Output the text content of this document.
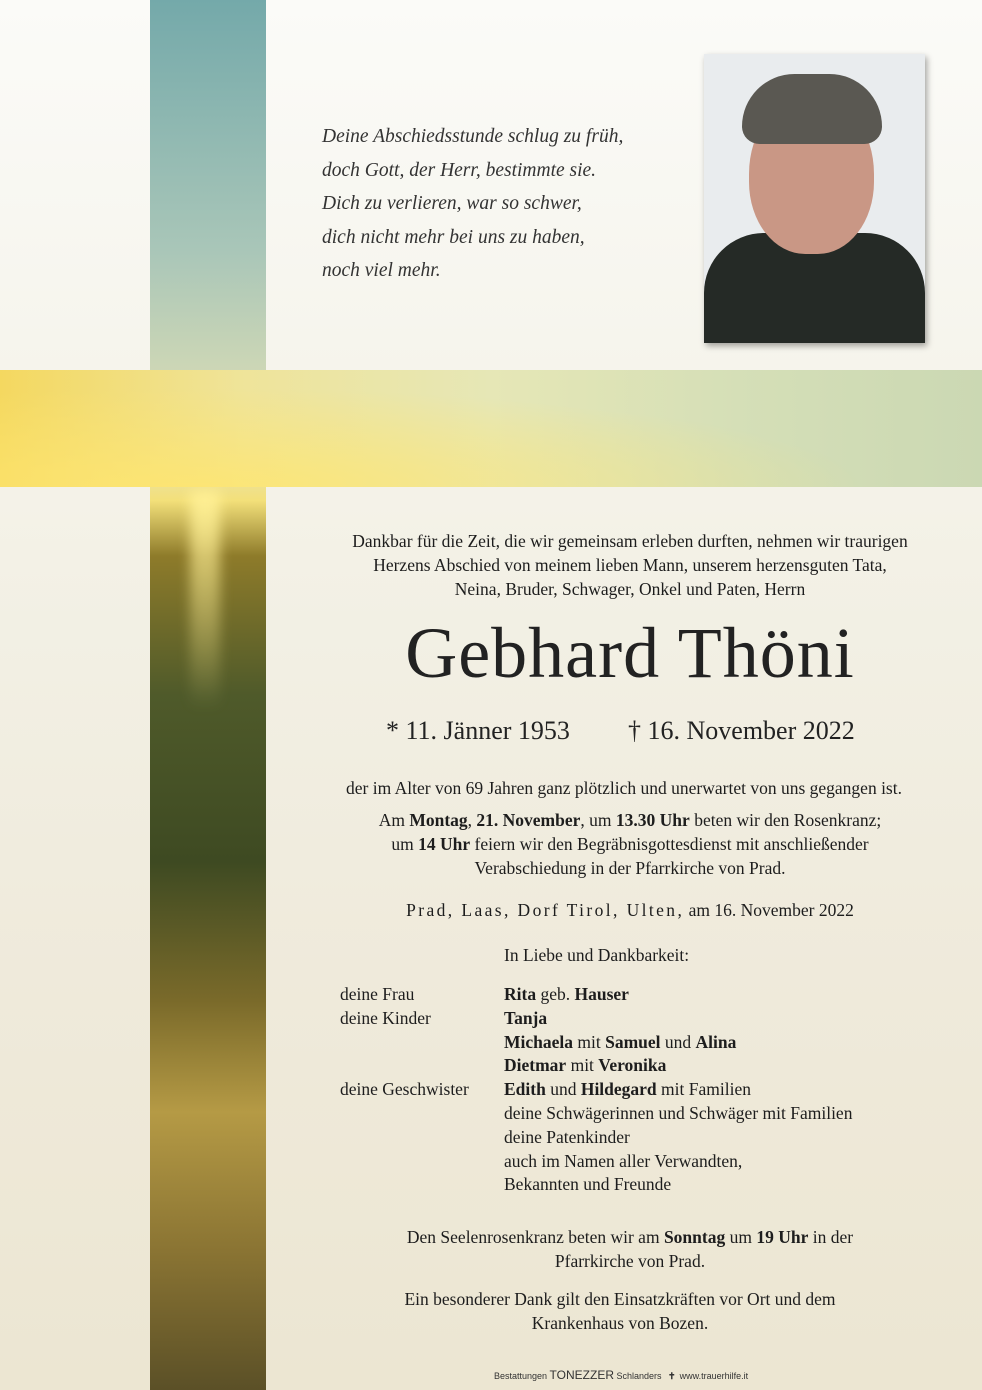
Deine Abschiedsstunde schlug zu früh,
doch Gott, der Herr, bestimmte sie.
Dich zu verlieren, war so schwer,
dich nicht mehr bei uns zu haben,
noch viel mehr.
Dankbar für die Zeit, die wir gemeinsam erleben durften, nehmen wir traurigen
Herzens Abschied von meinem lieben Mann, unserem herzensguten Tata,
Neina, Bruder, Schwager, Onkel und Paten, Herrn
Gebhard Thöni
* 11. Jänner 1953 † 16. November 2022
der im Alter von 69 Jahren ganz plötzlich und unerwartet von uns gegangen ist.
Am Montag, 21. November, um 13.30 Uhr beten wir den Rosenkranz;
um 14 Uhr feiern wir den Begräbnisgottesdienst mit anschließender
Verabschiedung in der Pfarrkirche von Prad.
Prad, Laas, Dorf Tirol, Ulten, am 16. November 2022
In Liebe und Dankbarkeit:
deine Frau	Rita geb. Hauser
deine Kinder	Tanja
Michaela mit Samuel und Alina
Dietmar mit Veronika
deine Geschwister	Edith und Hildegard mit Familien
deine Schwägerinnen und Schwäger mit Familien
deine Patenkinder
auch im Namen aller Verwandten,
Bekannten und Freunde
Den Seelenrosenkranz beten wir am Sonntag um 19 Uhr in der
Pfarrkirche von Prad.
Ein besonderer Dank gilt den Einsatzkräften vor Ort und dem
Krankenhaus von Bozen.
Bestattungen TONEZZER Schlanders ✝ www.trauerhilfe.it
